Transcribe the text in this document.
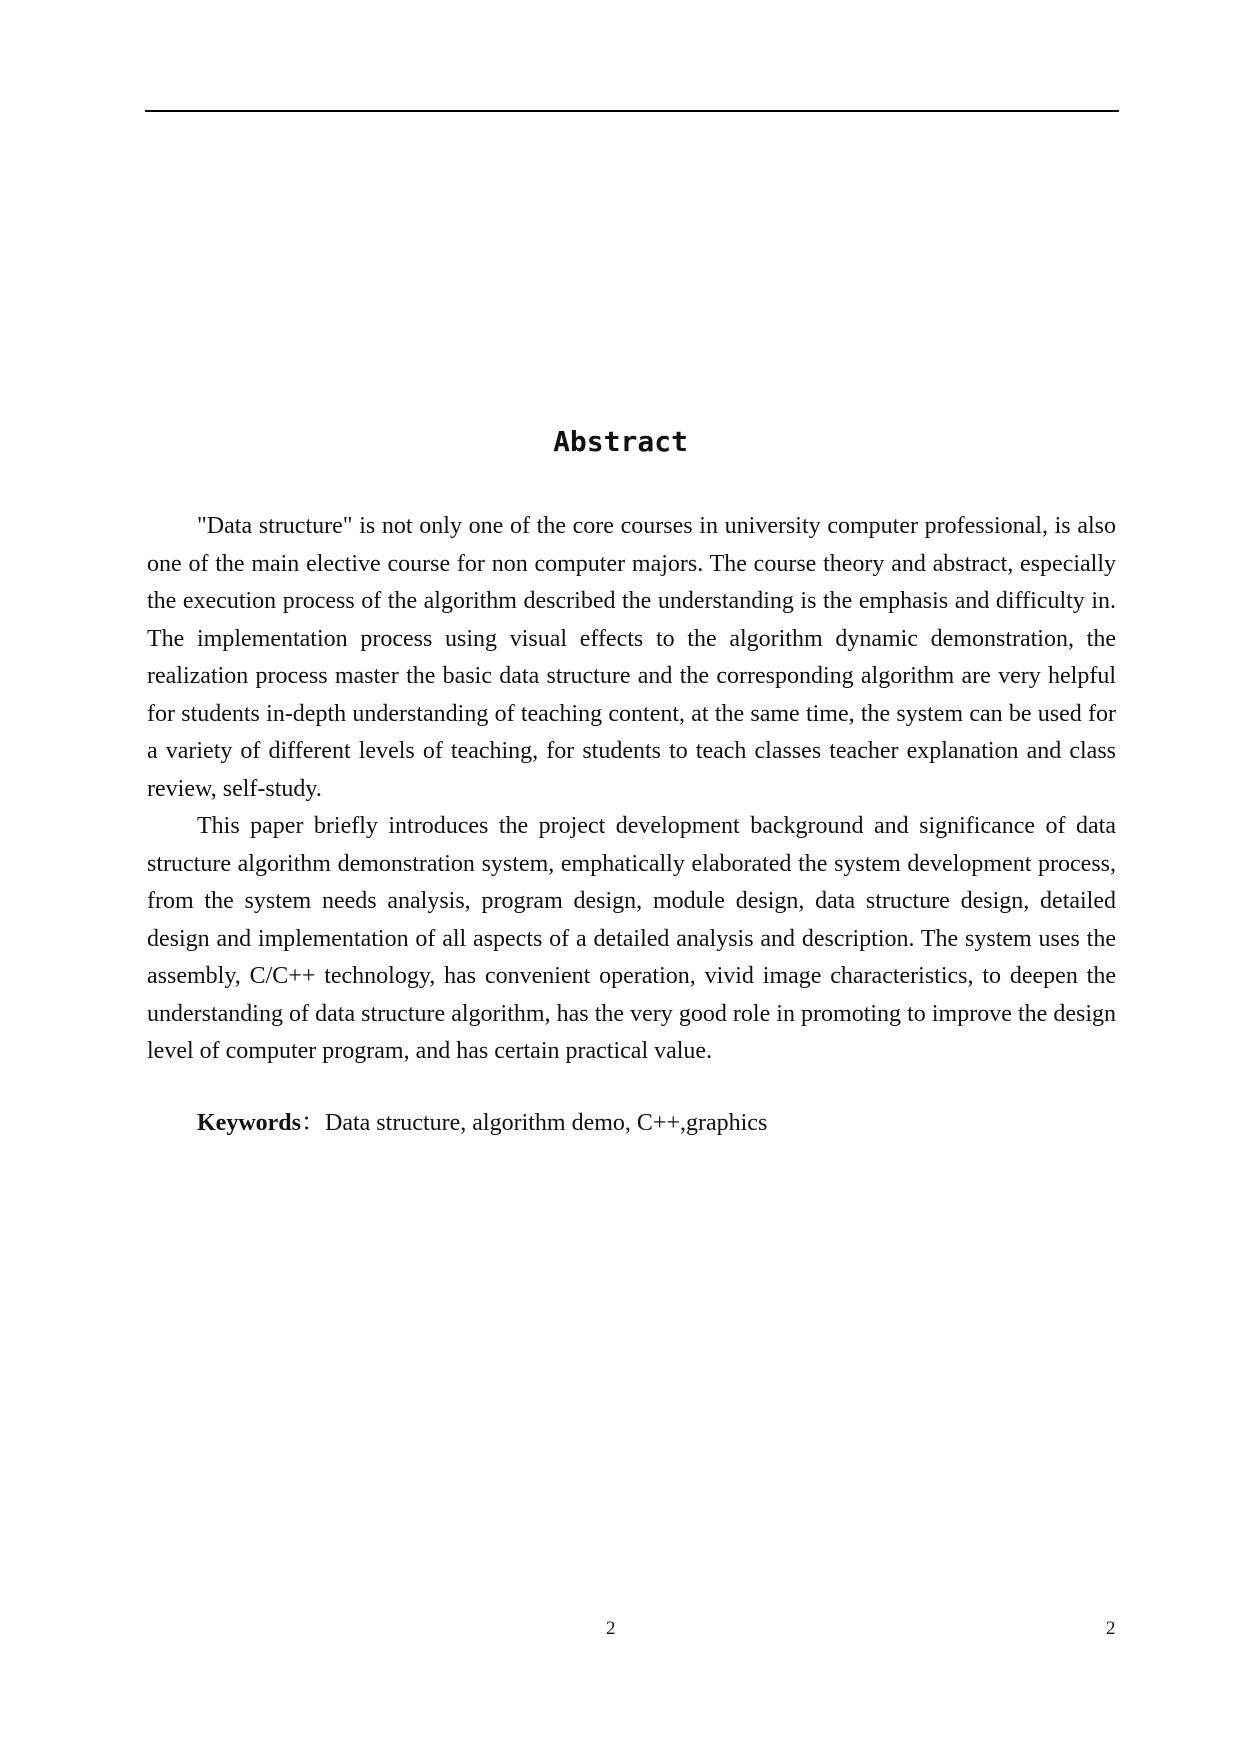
Abstract

"Data structure" is not only one of the core courses in university computer professional, is also one of the main elective course for non computer majors. The course theory and abstract, especially the execution process of the algorithm described the understanding is the emphasis and difficulty in. The implementation process using visual effects to the algorithm dynamic demonstration, the realization process master the basic data structure and the corresponding algorithm are very helpful for students in-depth understanding of teaching content, at the same time, the system can be used for a variety of different levels of teaching, for students to teach classes teacher explanation and class review, self-study.

This paper briefly introduces the project development background and significance of data structure algorithm demonstration system, emphatically elaborated the system development process, from the system needs analysis, program design, module design, data structure design, detailed design and implementation of all aspects of a detailed analysis and description. The system uses the assembly, C/C++ technology, has convenient operation, vivid image characteristics, to deepen the understanding of data structure algorithm, has the very good role in promoting to improve the design level of computer program, and has certain practical value.

Keywords：Data structure, algorithm demo, C++,graphics

2	2
